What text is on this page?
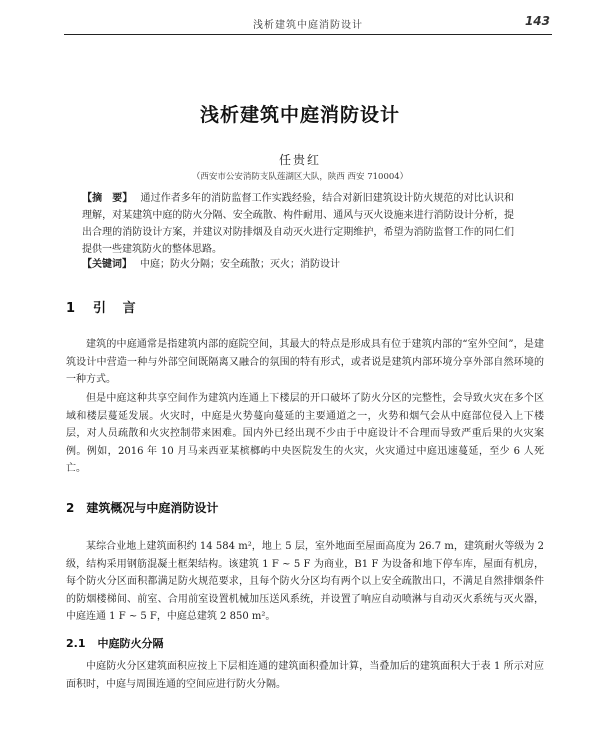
浅析建筑中庭消防设计	143
浅析建筑中庭消防设计
任贵红
（西安市公安消防支队莲湖区大队，陕西 西安 710004）
【摘　要】 通过作者多年的消防监督工作实践经验，结合对新旧建筑设计防火规范的对比认识和理解，对某建筑中庭的防火分隔、安全疏散、构件耐用、通风与灭火设施来进行消防设计分析，提出合理的消防设计方案，并建议对防排烟及自动灭火进行定期维护，希望为消防监督工作的同仁们提供一些建筑防火的整体思路。
【关键词】 中庭；防火分隔；安全疏散；灭火；消防设计
1 引 言
建筑的中庭通常是指建筑内部的庭院空间，其最大的特点是形成具有位于建筑内部的“室外空间”，是建筑设计中营造一种与外部空间既隔离又融合的氛围的特有形式，或者说是建筑内部环境分享外部自然环境的一种方式。
但是中庭这种共享空间作为建筑内连通上下楼层的开口破坏了防火分区的完整性，会导致火灾在多个区域和楼层蔓延发展。火灾时，中庭是火势蔓向蔓延的主要通道之一，火势和烟气会从中庭部位侵入上下楼层，对人员疏散和火灾控制带来困难。国内外已经出现不少由于中庭设计不合理而导致严重后果的火灾案例。例如，2016 年 10 月马来西亚某槟榔屿中央医院发生的火灾，火灾通过中庭迅速蔓延，至少 6 人死亡。
2 建筑概况与中庭消防设计
某综合业地上建筑面积约 14 584 m²，地上 5 层，室外地面至屋面高度为 26.7 m，建筑耐火等级为 2 级，结构采用钢筋混凝土框架结构。该建筑 1 F ~ 5 F 为商业，B1 F 为设备和地下停车库，屋面有机房，每个防火分区面积都满足防火规范要求，且每个防火分区均有两个以上安全疏散出口，不满足自然排烟条件的防烟楼梯间、前室、合用前室设置机械加压送风系统，并设置了响应自动喷淋与自动灭火系统与灭火器，中庭连通 1 F ~ 5 F，中庭总建筑 2 850 m²。
2.1 中庭防火分隔
中庭防火分区建筑面积应按上下层相连通的建筑面积叠加计算，当叠加后的建筑面积大于表 1 所示对应面积时，中庭与周围连通的空间应进行防火分隔。
